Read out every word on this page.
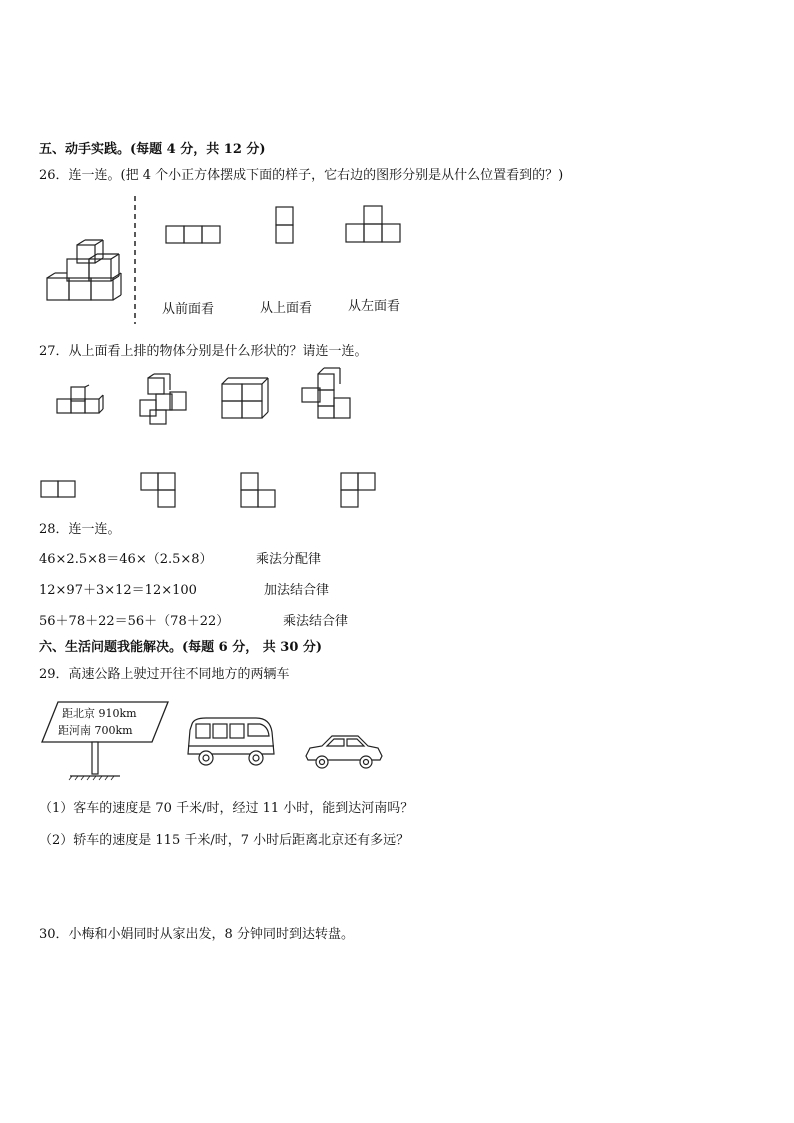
五、动手实践。(每题 4 分，共 12 分)
26．连一连。(把 4 个小正方体摆成下面的样子，它右边的图形分别是从什么位置看到的？)
从前面看	从上面看	从左面看
27．从上面看上排的物体分别是什么形状的？请连一连。
28．连一连。
46×2.5×8＝46×（2.5×8）
12×97＋3×12＝12×100
56＋78＋22＝56＋（78＋22）
乘法分配律
加法结合律
乘法结合律
六、生活问题我能解决。(每题 6 分， 共 30 分)
29．高速公路上驶过开往不同地方的两辆车
距北京 910km
距河南 700km
（1）客车的速度是 70 千米/时，经过 11 小时，能到达河南吗？
（2）轿车的速度是 115 千米/时，7 小时后距离北京还有多远？
30．小梅和小娟同时从家出发，8 分钟同时到达转盘。
